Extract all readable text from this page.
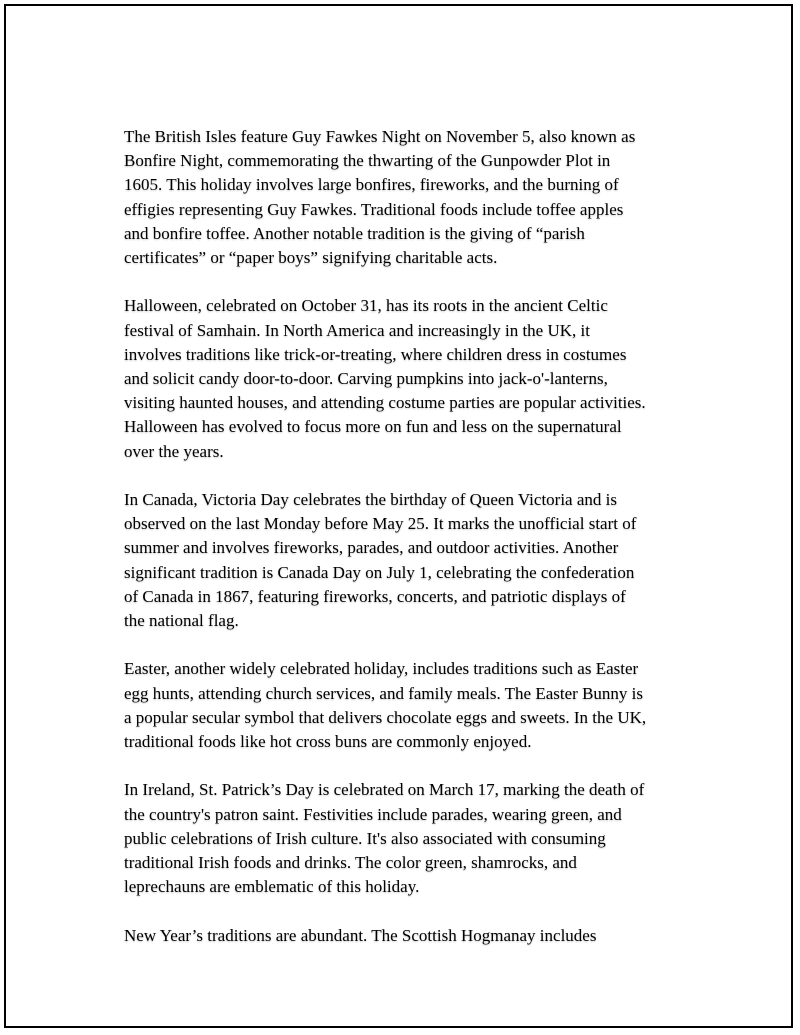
The British Isles feature Guy Fawkes Night on November 5, also known as
Bonfire Night, commemorating the thwarting of the Gunpowder Plot in
1605. This holiday involves large bonfires, fireworks, and the burning of
effigies representing Guy Fawkes. Traditional foods include toffee apples
and bonfire toffee. Another notable tradition is the giving of “parish
certificates” or “paper boys” signifying charitable acts.

Halloween, celebrated on October 31, has its roots in the ancient Celtic
festival of Samhain. In North America and increasingly in the UK, it
involves traditions like trick-or-treating, where children dress in costumes
and solicit candy door-to-door. Carving pumpkins into jack-o'-lanterns,
visiting haunted houses, and attending costume parties are popular activities.
Halloween has evolved to focus more on fun and less on the supernatural
over the years.

In Canada, Victoria Day celebrates the birthday of Queen Victoria and is
observed on the last Monday before May 25. It marks the unofficial start of
summer and involves fireworks, parades, and outdoor activities. Another
significant tradition is Canada Day on July 1, celebrating the confederation
of Canada in 1867, featuring fireworks, concerts, and patriotic displays of
the national flag.

Easter, another widely celebrated holiday, includes traditions such as Easter
egg hunts, attending church services, and family meals. The Easter Bunny is
a popular secular symbol that delivers chocolate eggs and sweets. In the UK,
traditional foods like hot cross buns are commonly enjoyed.

In Ireland, St. Patrick’s Day is celebrated on March 17, marking the death of
the country's patron saint. Festivities include parades, wearing green, and
public celebrations of Irish culture. It's also associated with consuming
traditional Irish foods and drinks. The color green, shamrocks, and
leprechauns are emblematic of this holiday.

New Year’s traditions are abundant. The Scottish Hogmanay includes
